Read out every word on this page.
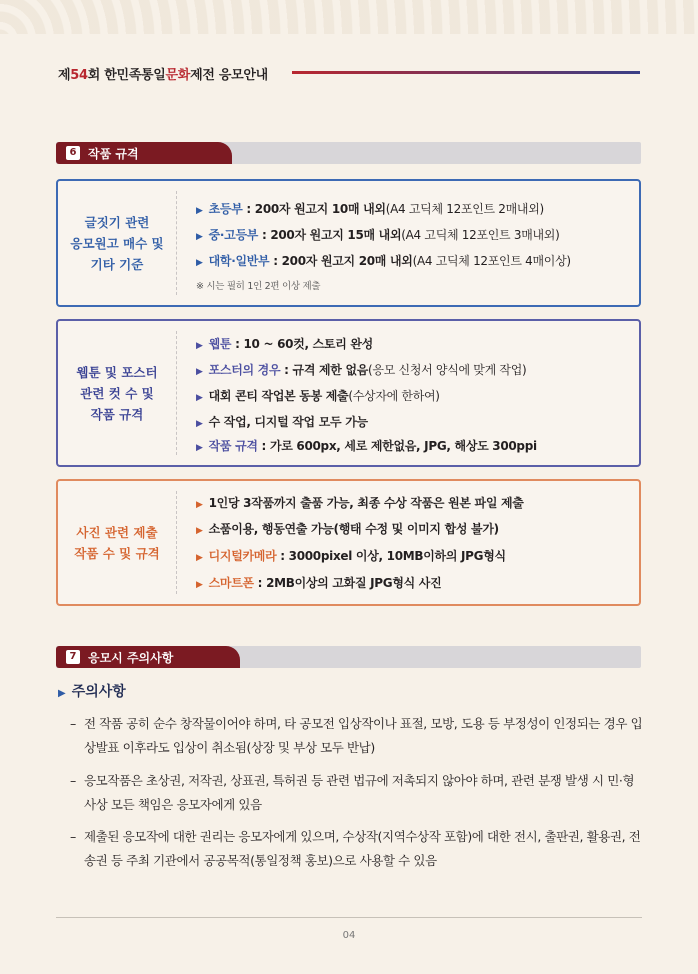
제54회 한민족통일문화제전 응모안내
6 작품 규격
글짓기 관련
응모원고 매수 및
기타 기준
▶ 초등부 : 200자 원고지 10매 내외(A4 고딕체 12포인트 2매내외)
▶ 중·고등부 : 200자 원고지 15매 내외(A4 고딕체 12포인트 3매내외)
▶ 대학·일반부 : 200자 원고지 20매 내외(A4 고딕체 12포인트 4매이상)
※ 시는 필히 1인 2편 이상 제출
웹툰 및 포스터
관련 컷 수 및
작품 규격
▶ 웹툰 : 10 ~ 60컷, 스토리 완성
▶ 포스터의 경우 : 규격 제한 없음(응모 신청서 양식에 맞게 작업)
▶ 대회 콘티 작업본 동봉 제출(수상자에 한하여)
▶ 수 작업, 디지털 작업 모두 가능
▶ 작품 규격 : 가로 600px, 세로 제한없음, JPG, 해상도 300ppi
사진 관련 제출
작품 수 및 규격
▶ 1인당 3작품까지 출품 가능, 최종 수상 작품은 원본 파일 제출
▶ 소품이용, 행동연출 가능(행태 수정 및 이미지 합성 불가)
▶ 디지털카메라 : 3000pixel 이상, 10MB이하의 JPG형식
▶ 스마트폰 : 2MB이상의 고화질 JPG형식 사진
7 응모시 주의사항
▶ 주의사항
– 전 작품 공히 순수 창작물이어야 하며, 타 공모전 입상작이나 표절, 모방, 도용 등 부정성이 인정되는 경우 입상발표 이후라도 입상이 취소됨(상장 및 부상 모두 반납)
– 응모작품은 초상권, 저작권, 상표권, 특허권 등 관련 법규에 저촉되지 않아야 하며, 관련 분쟁 발생 시 민·형사상 모든 책임은 응모자에게 있음
– 제출된 응모작에 대한 권리는 응모자에게 있으며, 수상작(지역수상작 포함)에 대한 전시, 출판권, 활용권, 전송권 등 주최 기관에서 공공목적(통일정책 홍보)으로 사용할 수 있음
04
